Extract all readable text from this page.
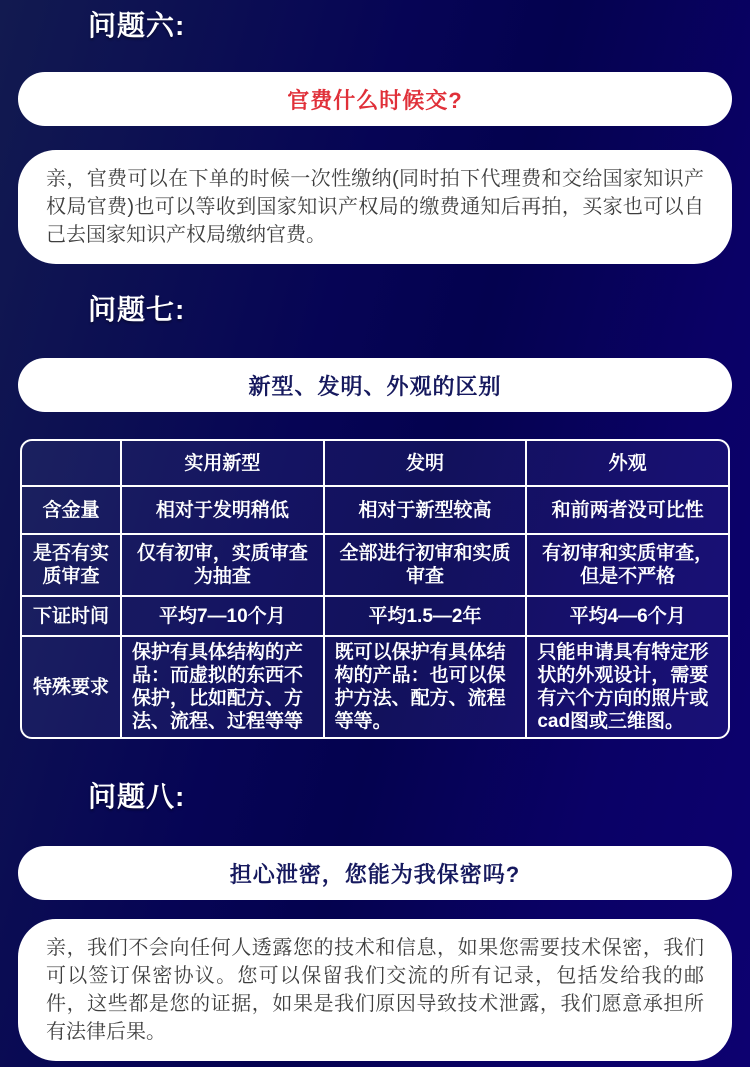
问题六:
官费什么时候交?

亲，官费可以在下单的时候一次性缴纳(同时拍下代理费和交给国家知识产权局官费)也可以等收到国家知识产权局的缴费通知后再拍，买家也可以自己去国家知识产权局缴纳官费。

问题七:
新型、发明、外观的区别
	实用新型	发明	外观
含金量	相对于发明稍低	相对于新型较高	和前两者没可比性
是否有实质审查	仅有初审，实质审查为抽查	全部进行初审和实质审查	有初审和实质审查，但是不严格
下证时间	平均7—10个月	平均1.5—2年	平均4—6个月
特殊要求	保护有具体结构的产品：而虚拟的东西不保护，比如配方、方法、流程、过程等等	既可以保护有具体结构的产品：也可以保护方法、配方、流程等等。	只能申请具有特定形状的外观设计，需要有六个方向的照片或cad图或三维图。
问题八:
担心泄密，您能为我保密吗?

亲，我们不会向任何人透露您的技术和信息，如果您需要技术保密，我们可以签订保密协议。您可以保留我们交流的所有记录，包括发给我的邮件，这些都是您的证据，如果是我们原因导致技术泄露，我们愿意承担所有法律后果。
